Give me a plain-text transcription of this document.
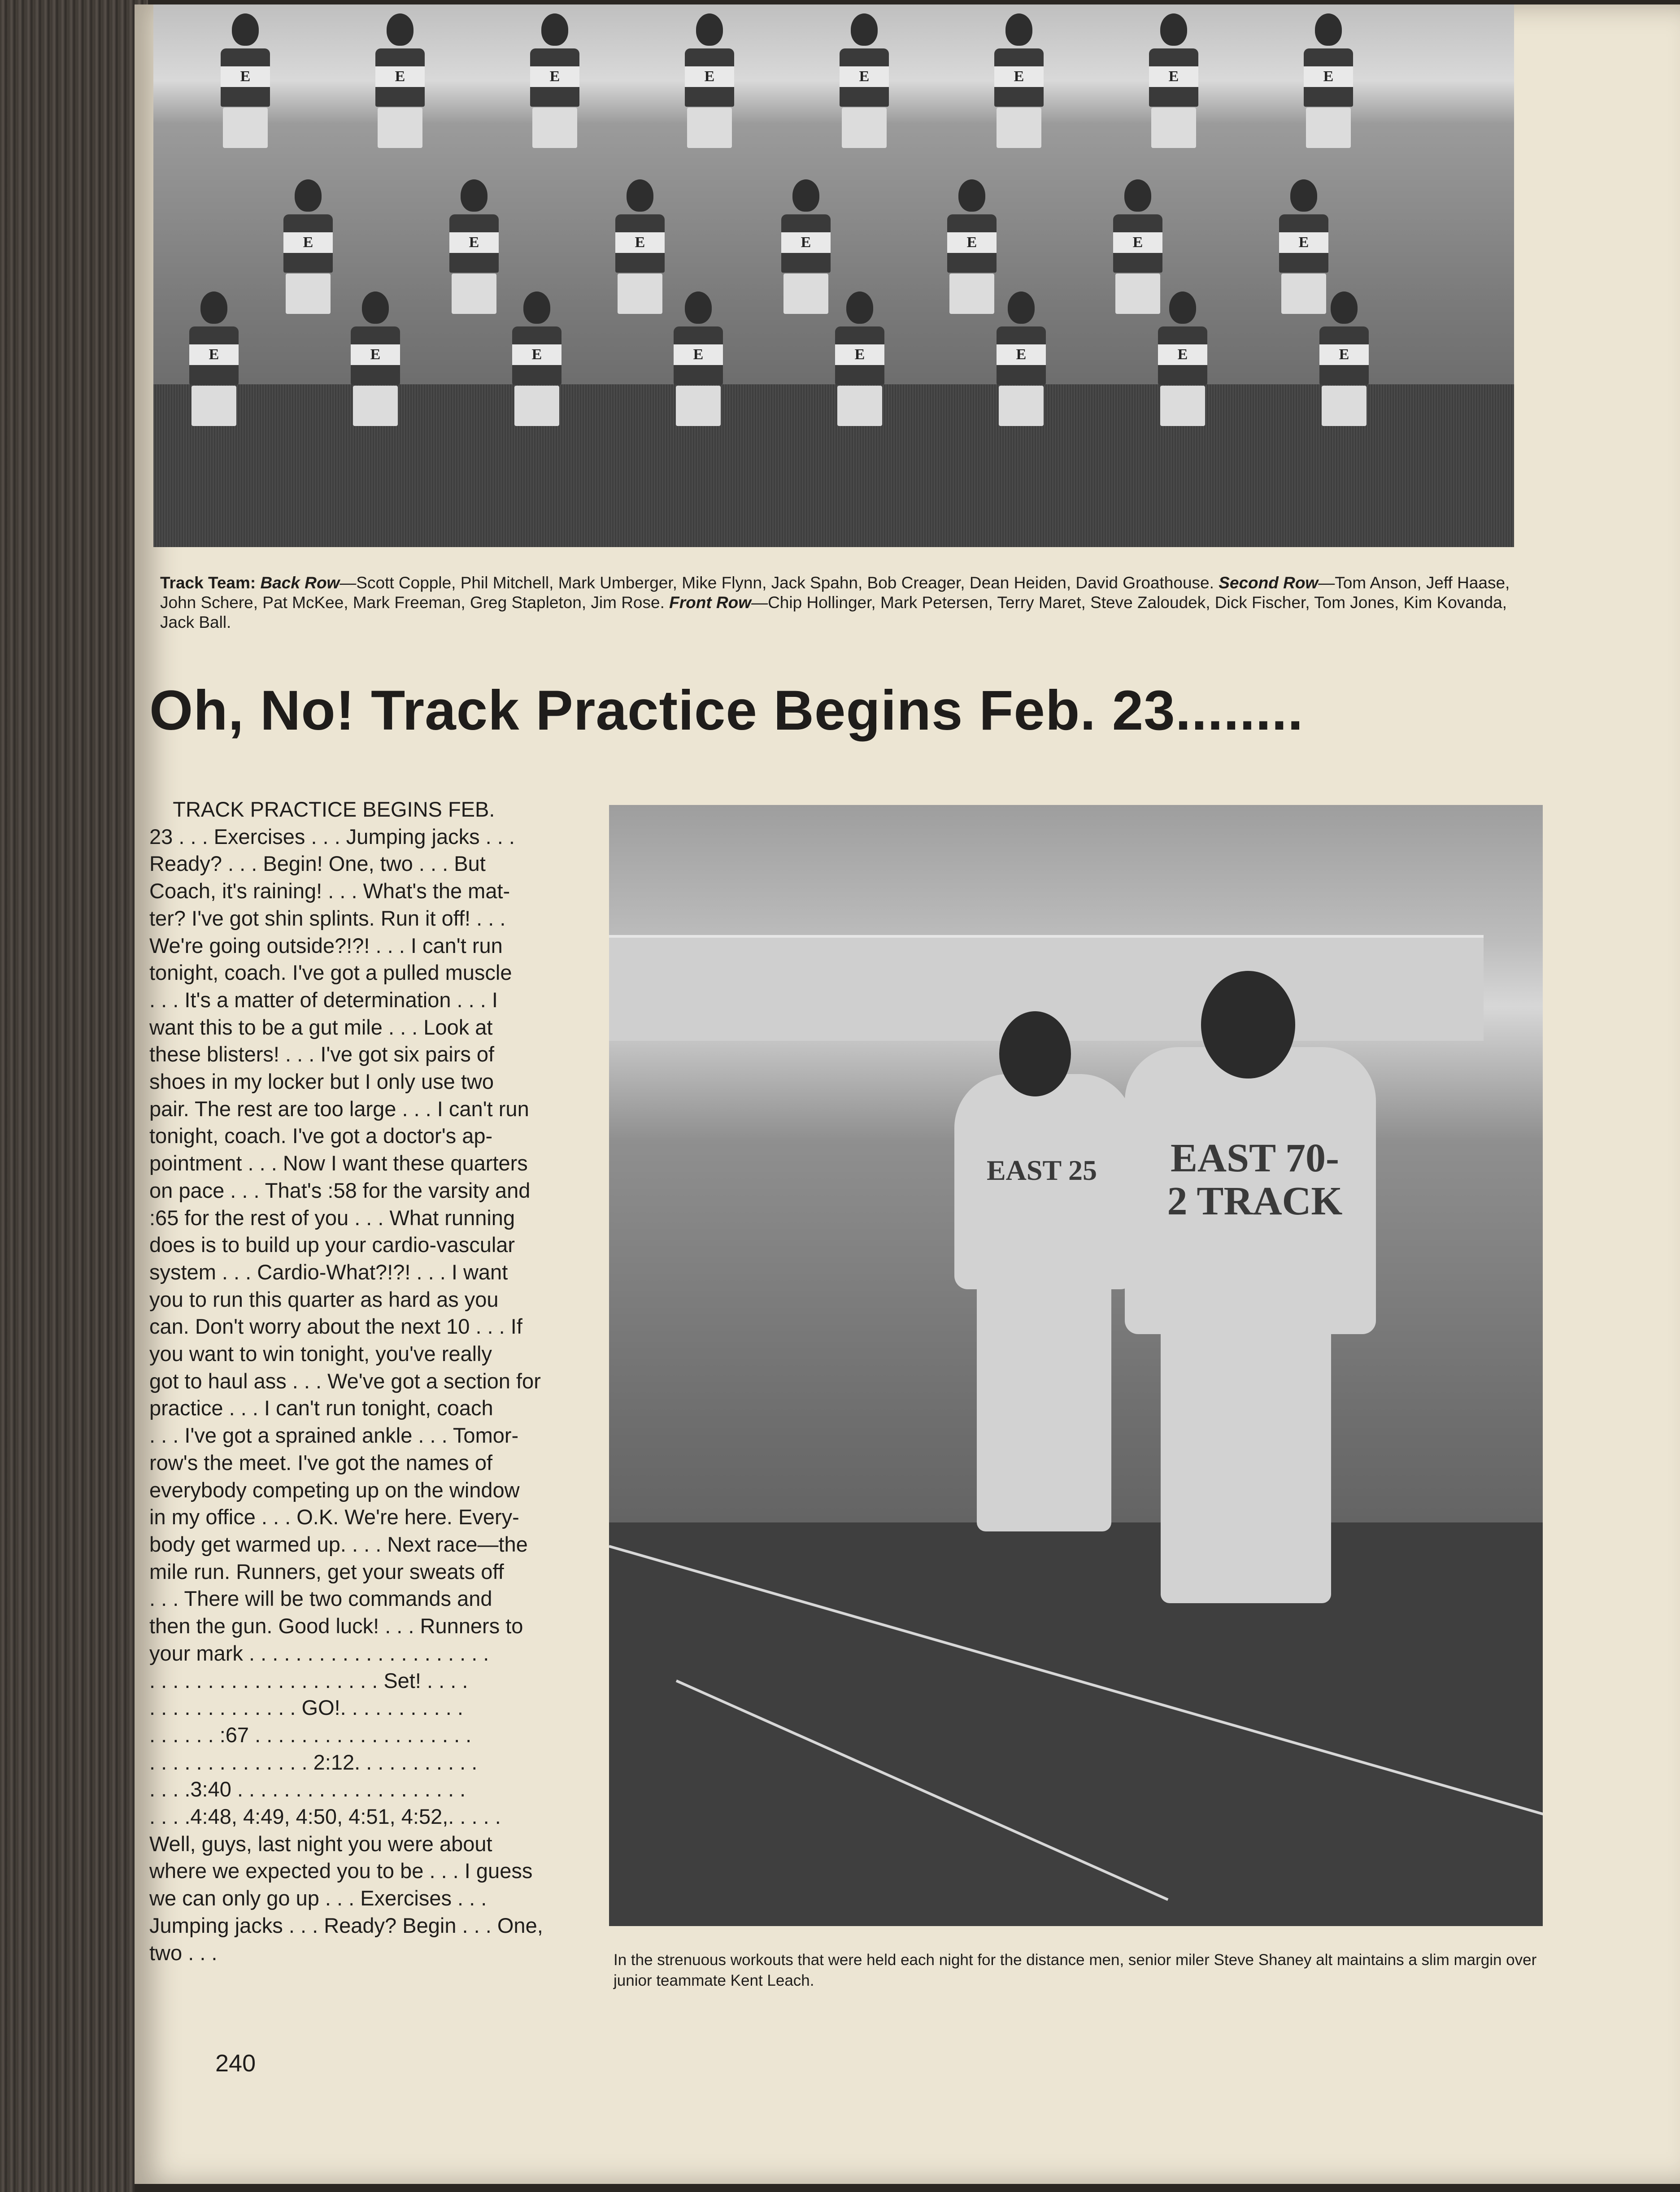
E	E	E	E	E	E	E	E
E	E	E	E	E	E	E
E	E	E	E	E	E	E	E
Track Team: Back Row—Scott Copple, Phil Mitchell, Mark Umberger, Mike Flynn, Jack Spahn, Bob Creager, Dean Heiden, David Groathouse. Second Row—Tom Anson, Jeff Haase, John Schere, Pat McKee, Mark Freeman, Greg Stapleton, Jim Rose. Front Row—Chip Hollinger, Mark Petersen, Terry Maret, Steve Zaloudek, Dick Fischer, Tom Jones, Kim Kovanda, Jack Ball.
Oh, No! Track Practice Begins Feb. 23........
TRACK PRACTICE BEGINS FEB.
23 . . . Exercises . . . Jumping jacks . . .
Ready? . . . Begin! One, two . . . But
Coach, it's raining! . . . What's the mat-
ter? I've got shin splints. Run it off! . . .
We're going outside?!?! . . . I can't run
tonight, coach. I've got a pulled muscle
. . . It's a matter of determination . . . I
want this to be a gut mile . . . Look at
these blisters! . . . I've got six pairs of
shoes in my locker but I only use two
pair. The rest are too large . . . I can't run
tonight, coach. I've got a doctor's ap-
pointment . . . Now I want these quarters
on pace . . . That's :58 for the varsity and
:65 for the rest of you . . . What running
does is to build up your cardio-vascular
system . . . Cardio-What?!?! . . . I want
you to run this quarter as hard as you
can. Don't worry about the next 10 . . . If
you want to win tonight, you've really
got to haul ass . . . We've got a section for
practice . . . I can't run tonight, coach
. . . I've got a sprained ankle . . . Tomor-
row's the meet. I've got the names of
everybody competing up on the window
in my office . . . O.K. We're here. Every-
body get warmed up. . . . Next race—the
mile run. Runners, get your sweats off
. . . There will be two commands and
then the gun. Good luck! . . . Runners to
your mark . . . . . . . . . . . . . . . . . . . . .
. . . . . . . . . . . . . . . . . . . . Set! . . . .
. . . . . . . . . . . . . GO!. . . . . . . . . . .
. . . . . . :67 . . . . . . . . . . . . . . . . . . .
. . . . . . . . . . . . . . 2:12. . . . . . . . . . .
. . . .3:40 . . . . . . . . . . . . . . . . . . . .
. . . .4:48, 4:49, 4:50, 4:51, 4:52,. . . . .
Well, guys, last night you were about
where we expected you to be . . . I guess
we can only go up . . . Exercises . . .
Jumping jacks . . . Ready? Begin . . . One,
two . . .
EAST 25	EAST 70-2 TRACK
In the strenuous workouts that were held each night for the distance men, senior miler Steve Shaney alt maintains a slim margin over junior teammate Kent Leach.
240
